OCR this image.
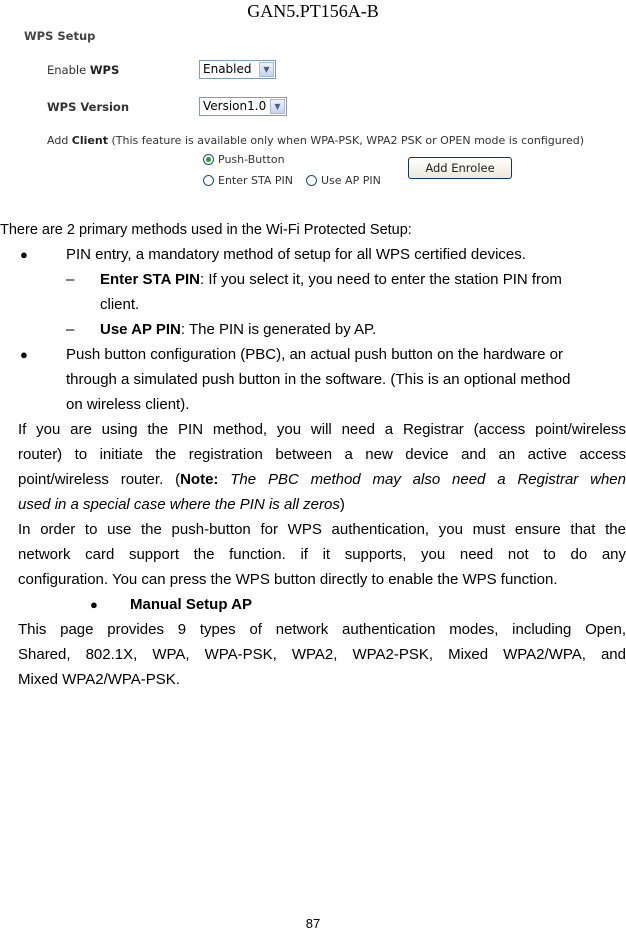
GAN5.PT156A-B
WPS Setup
Enable WPS	Enabled	▼
WPS Version	Version1.0	▼
Add Client (This feature is available only when WPA-PSK, WPA2 PSK or OPEN mode is configured)
Push-Button
Enter STA PIN	Use AP PIN
Add Enrolee
There are 2 primary methods used in the Wi-Fi Protected Setup:
●	PIN entry, a mandatory method of setup for all WPS certified devices.
– Enter STA PIN: If you select it, you need to enter the station PIN from
client.
– Use AP PIN: The PIN is generated by AP.
●	Push button configuration (PBC), an actual push button on the hardware or
through a simulated push button in the software. (This is an optional method
on wireless client).
If you are using the PIN method, you will need a Registrar (access point/wireless
router) to initiate the registration between a new device and an active access
point/wireless router. (Note: The PBC method may also need a Registrar when
used in a special case where the PIN is all zeros)
In order to use the push-button for WPS authentication, you must ensure that the
network card support the function. if it supports, you need not to do any
configuration. You can press the WPS button directly to enable the WPS function.
● Manual Setup AP
This page provides 9 types of network authentication modes, including Open,
Shared, 802.1X, WPA, WPA-PSK, WPA2, WPA2-PSK, Mixed WPA2/WPA, and
Mixed WPA2/WPA-PSK.
87
